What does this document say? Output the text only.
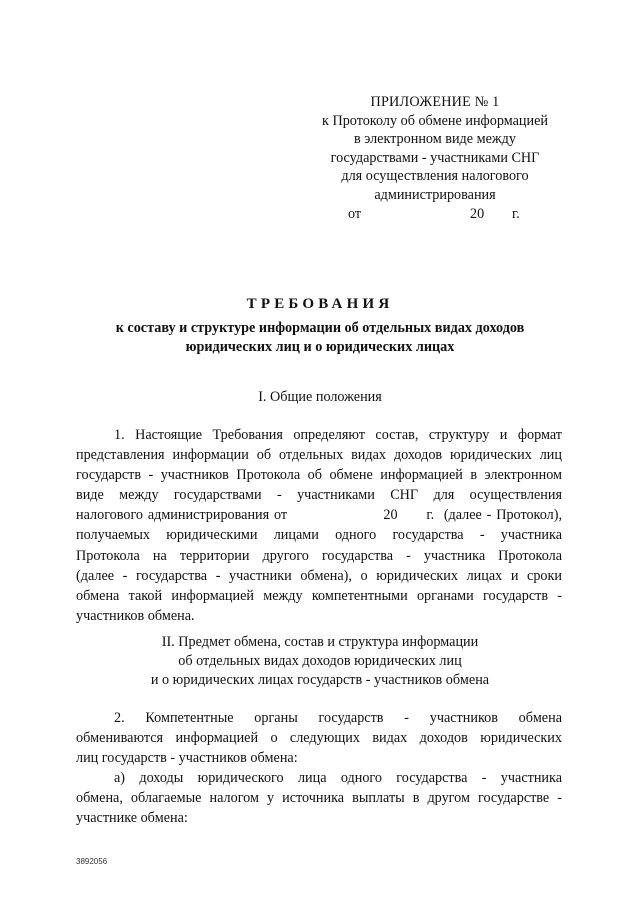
ПРИЛОЖЕНИЕ № 1
к Протоколу об обмене информацией
в электронном виде между
государствами - участниками СНГ
для осуществления налогового
администрирования
от	20 г.
ТРЕБОВАНИЯ
к составу и структуре информации об отдельных видах доходов
юридических лиц и о юридических лицах
I. Общие положения
1. Настоящие Требования определяют состав, структуру и формат
представления информации об отдельных видах доходов юридических лиц
государств - участников Протокола об обмене информацией в электронном
виде между государствами - участниками СНГ для осуществления
налогового администрирования от                    20      г.  (далее - Протокол),
получаемых юридическими лицами одного государства - участника
Протокола на территории другого государства - участника Протокола
(далее - государства - участники обмена), о юридических лицах и сроки
обмена такой информацией между компетентными органами государств -
участников обмена.
II. Предмет обмена, состав и структура информации
об отдельных видах доходов юридических лиц
и о юридических лицах государств - участников обмена
2. Компетентные органы государств - участников обмена
обмениваются информацией о следующих видах доходов юридических
лиц государств - участников обмена:
а) доходы юридического лица одного государства - участника
обмена, облагаемые налогом у источника выплаты в другом государстве -
участнике обмена:
3892056
